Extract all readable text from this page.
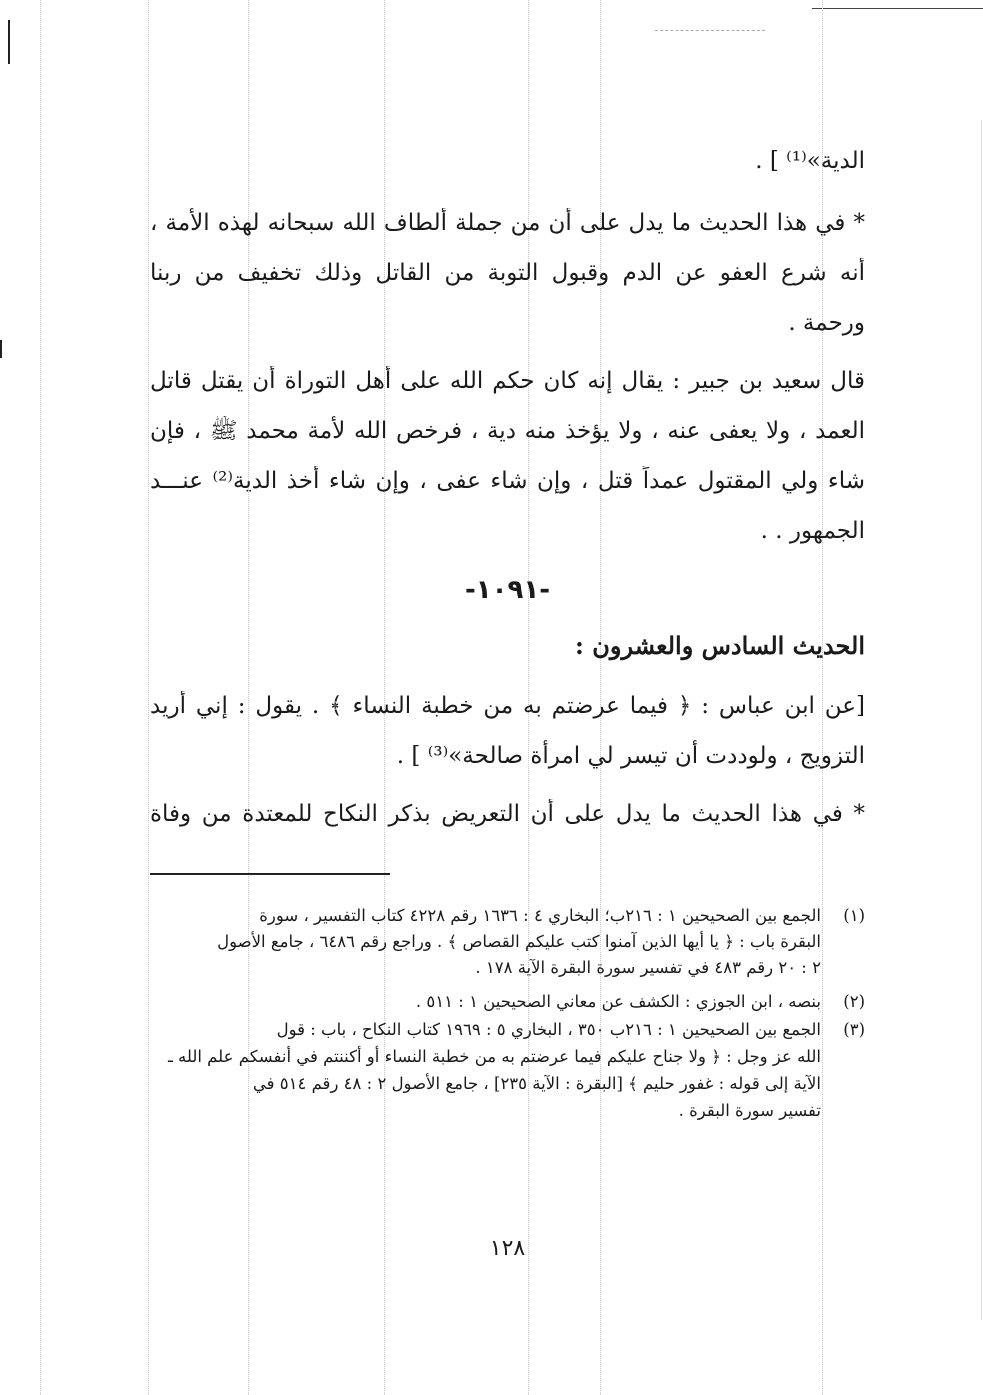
الدية»⁽¹⁾ ] .
* في هذا الحديث ما يدل على أن من جملة ألطاف الله سبحانه لهذه الأمة ،
أنه شرع العفو عن الدم وقبول التوبة من القاتل وذلك تخفيف من ربنا
ورحمة .
قال سعيد بن جبير : يقال إنه كان حكم الله على أهل التوراة أن يقتل قاتل
العمد ، ولا يعفى عنه ، ولا يؤخذ منه دية ، فرخص الله لأمة محمد ﷺ ، فإن
شاء ولي المقتول عمداً قتل ، وإن شاء عفى ، وإن شاء أخذ الدية⁽²⁾ عنـــد
الجمهور . .
-١٠٩١-
الحديث السادس والعشرون :
[عن ابن عباس : ﴿ فيما عرضتم به من خطبة النساء ﴾ . يقول : إني أريد
التزويج ، ولوددت أن تيسر لي امرأة صالحة»⁽³⁾ ] .
* في هذا الحديث ما يدل على أن التعريض بذكر النكاح للمعتدة من وفاة
(١)الجمع بين الصحيحين ١ : ٢١٦ب؛ البخاري ٤ : ١٦٣٦ رقم ٤٢٢٨ كتاب التفسير ، سورة
البقرة باب : ﴿ يا أيها الذين آمنوا كتب عليكم القصاص ﴾ . وراجع رقم ٦٤٨٦ ، جامع الأصول
٢ : ٢٠ رقم ٤٨٣ في تفسير سورة البقرة الآية ١٧٨ .
(٢)بنصه ، ابن الجوزي : الكشف عن معاني الصحيحين ١ : ٥١١ .
(٣)الجمع بين الصحيحين ١ : ٢١٦ب ٣٥٠ ، البخاري ٥ : ١٩٦٩ كتاب النكاح ، باب : قول
الله عز وجل : ﴿ ولا جناح عليكم فيما عرضتم به من خطبة النساء أو أكننتم في أنفسكم علم الله ـ
الآية إلى قوله : غفور حليم ﴾ [البقرة : الآية ٢٣٥] ، جامع الأصول ٢ : ٤٨ رقم ٥١٤ في
تفسير سورة البقرة .
١٢٨
